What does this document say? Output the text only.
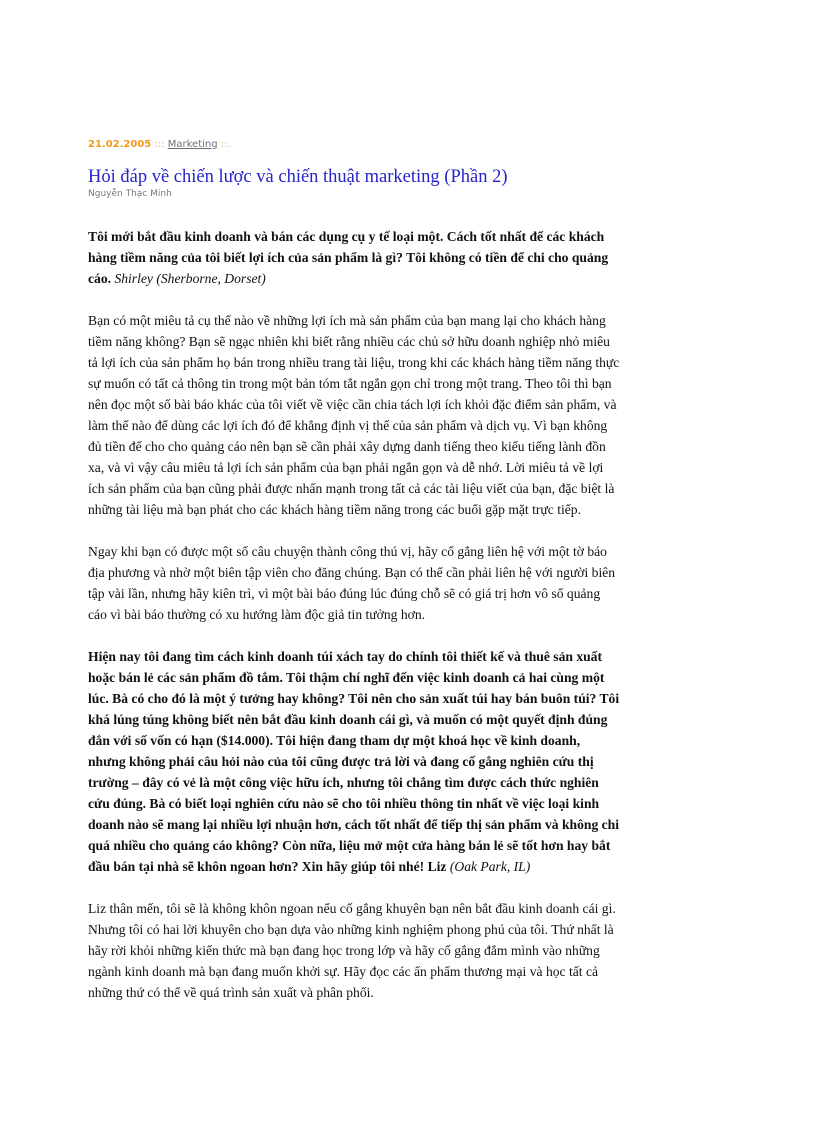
21.02.2005 ::: Marketing ::.
Hỏi đáp về chiến lược và chiến thuật marketing (Phần 2)
Nguyễn Thạc Minh

Tôi mới bắt đầu kinh doanh và bán các dụng cụ y tế loại một. Cách tốt nhất để các khách hàng tiềm năng của tôi biết lợi ích của sản phẩm là gì? Tôi không có tiền để chi cho quảng cáo. Shirley (Sherborne, Dorset)

Bạn có một miêu tả cụ thể nào về những lợi ích mà sản phẩm của bạn mang lại cho khách hàng tiềm năng không? Bạn sẽ ngạc nhiên khi biết rằng nhiều các chủ sở hữu doanh nghiệp nhỏ miêu tả lợi ích của sản phẩm họ bán trong nhiều trang tài liệu, trong khi các khách hàng tiềm năng thực sự muốn có tất cả thông tin trong một bản tóm tắt ngắn gọn chỉ trong một trang. Theo tôi thì bạn nên đọc một số bài báo khác của tôi viết về việc cần chia tách lợi ích khỏi đặc điểm sản phẩm, và làm thế nào để dùng các lợi ích đó để khẳng định vị thế của sản phẩm và dịch vụ. Vì bạn không đủ tiền để cho cho quảng cáo nên bạn sẽ cần phải xây dựng danh tiếng theo kiểu tiếng lành đồn xa, và vì vậy câu miêu tả lợi ích sản phẩm của bạn phải ngắn gọn và dễ nhớ. Lời miêu tả về lợi ích sản phẩm của bạn cũng phải được nhấn mạnh trong tất cả các tài liệu viết của bạn, đặc biệt là những tài liệu mà bạn phát cho các khách hàng tiềm năng trong các buổi gặp mặt trực tiếp.

Ngay khi bạn có được một số câu chuyện thành công thú vị, hãy cố gắng liên hệ với một tờ báo địa phương và nhờ một biên tập viên cho đăng chúng. Bạn có thể cần phải liên hệ với người biên tập vài lần, nhưng hãy kiên trì, vì một bài báo đúng lúc đúng chỗ sẽ có giá trị hơn vô số quảng cáo vì bài báo thường có xu hướng làm độc giả tin tưởng hơn.

Hiện nay tôi đang tìm cách kinh doanh túi xách tay do chính tôi thiết kế và thuê sản xuất hoặc bán lẻ các sản phẩm đồ tắm. Tôi thậm chí nghĩ đến việc kinh doanh cả hai cùng một lúc. Bà có cho đó là một ý tưởng hay không? Tôi nên cho sản xuất túi hay bán buôn túi? Tôi khá lúng túng không biết nên bắt đầu kinh doanh cái gì, và muốn có một quyết định đúng đắn với số vốn có hạn ($14.000). Tôi hiện đang tham dự một khoá học về kinh doanh, nhưng không phải câu hỏi nào của tôi cũng được trả lời và đang cố gắng nghiên cứu thị trường – đây có vẻ là một công việc hữu ích, nhưng tôi chẳng tìm được cách thức nghiên cứu đúng. Bà có biết loại nghiên cứu nào sẽ cho tôi nhiều thông tin nhất về việc loại kinh doanh nào sẽ mang lại nhiều lợi nhuận hơn, cách tốt nhất để tiếp thị sản phẩm và không chi quá nhiều cho quảng cáo không? Còn nữa, liệu mở một cửa hàng bán lẻ sẽ tốt hơn hay bắt đầu bán tại nhà sẽ khôn ngoan hơn? Xin hãy giúp tôi nhé! Liz (Oak Park, IL)

Liz thân mến, tôi sẽ là không khôn ngoan nếu cố gắng khuyên bạn nên bắt đầu kinh doanh cái gì. Nhưng tôi có hai lời khuyên cho bạn dựa vào những kinh nghiệm phong phú của tôi. Thứ nhất là hãy rời khỏi những kiến thức mà bạn đang học trong lớp và hãy cố gắng đắm mình vào những ngành kinh doanh mà bạn đang muốn khởi sự. Hãy đọc các ấn phẩm thương mại và học tất cả những thứ có thể về quá trình sản xuất và phân phối.
